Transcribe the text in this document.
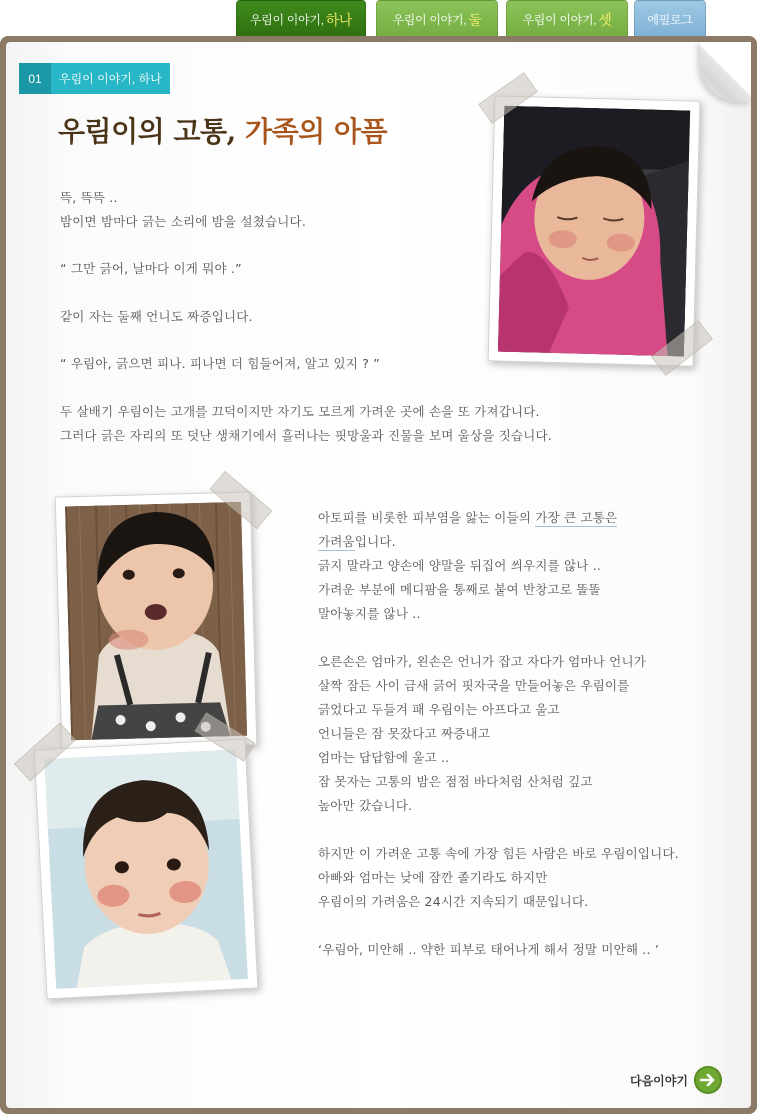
우림이 이야기, 하나	우림이 이야기, 둘	우림이 이야기, 셋	에필로그
01	우림이 이야기, 하나
우림이의 고통, 가족의 아픔
뜩, 뜩뜩 ..
밤이면 밤마다 긁는 소리에 밤을 설쳤습니다.
“ 그만 긁어, 날마다 이게 뭐야 .”
같이 자는 둘째 언니도 짜증입니다.
“ 우림아, 긁으면 피나. 피나면 더 힘들어져, 알고 있지 ? ”
두 살배기 우림이는 고개를 끄덕이지만 자기도 모르게 가려운 곳에 손을 또 가져갑니다.
그러다 긁은 자리의 또 덧난 생채기에서 흘러나는 핏망울과 진물을 보며 울상을 짓습니다.
아토피를 비롯한 피부염을 앓는 이들의 가장 큰 고통은
가려움입니다.
긁지 말라고 양손에 양말을 뒤집어 씌우지를 않나 ..
가려운 부분에 메디팜을 통째로 붙여 반창고로 똘똘
말아놓지를 않나 ..
오른손은 엄마가, 왼손은 언니가 잡고 자다가 엄마나 언니가
살짝 잠든 사이 금새 긁어 핏자국을 만들어놓은 우림이를
긁었다고 두들겨 패 우림이는 아프다고 울고
언니들은 잠 못잤다고 짜증내고
엄마는 답답함에 울고 ..
잠 못자는 고통의 밤은 점점 바다처럼 산처럼 깊고
높아만 갔습니다.
하지만 이 가려운 고통 속에 가장 힘든 사람은 바로 우림이입니다.
아빠와 엄마는 낮에 잠깐 졸기라도 하지만
우림이의 가려움은 24시간 지속되기 때문입니다.
‘우림아, 미안해 .. 약한 피부로 태어나게 해서 정말 미안해 .. ’
다음이야기
